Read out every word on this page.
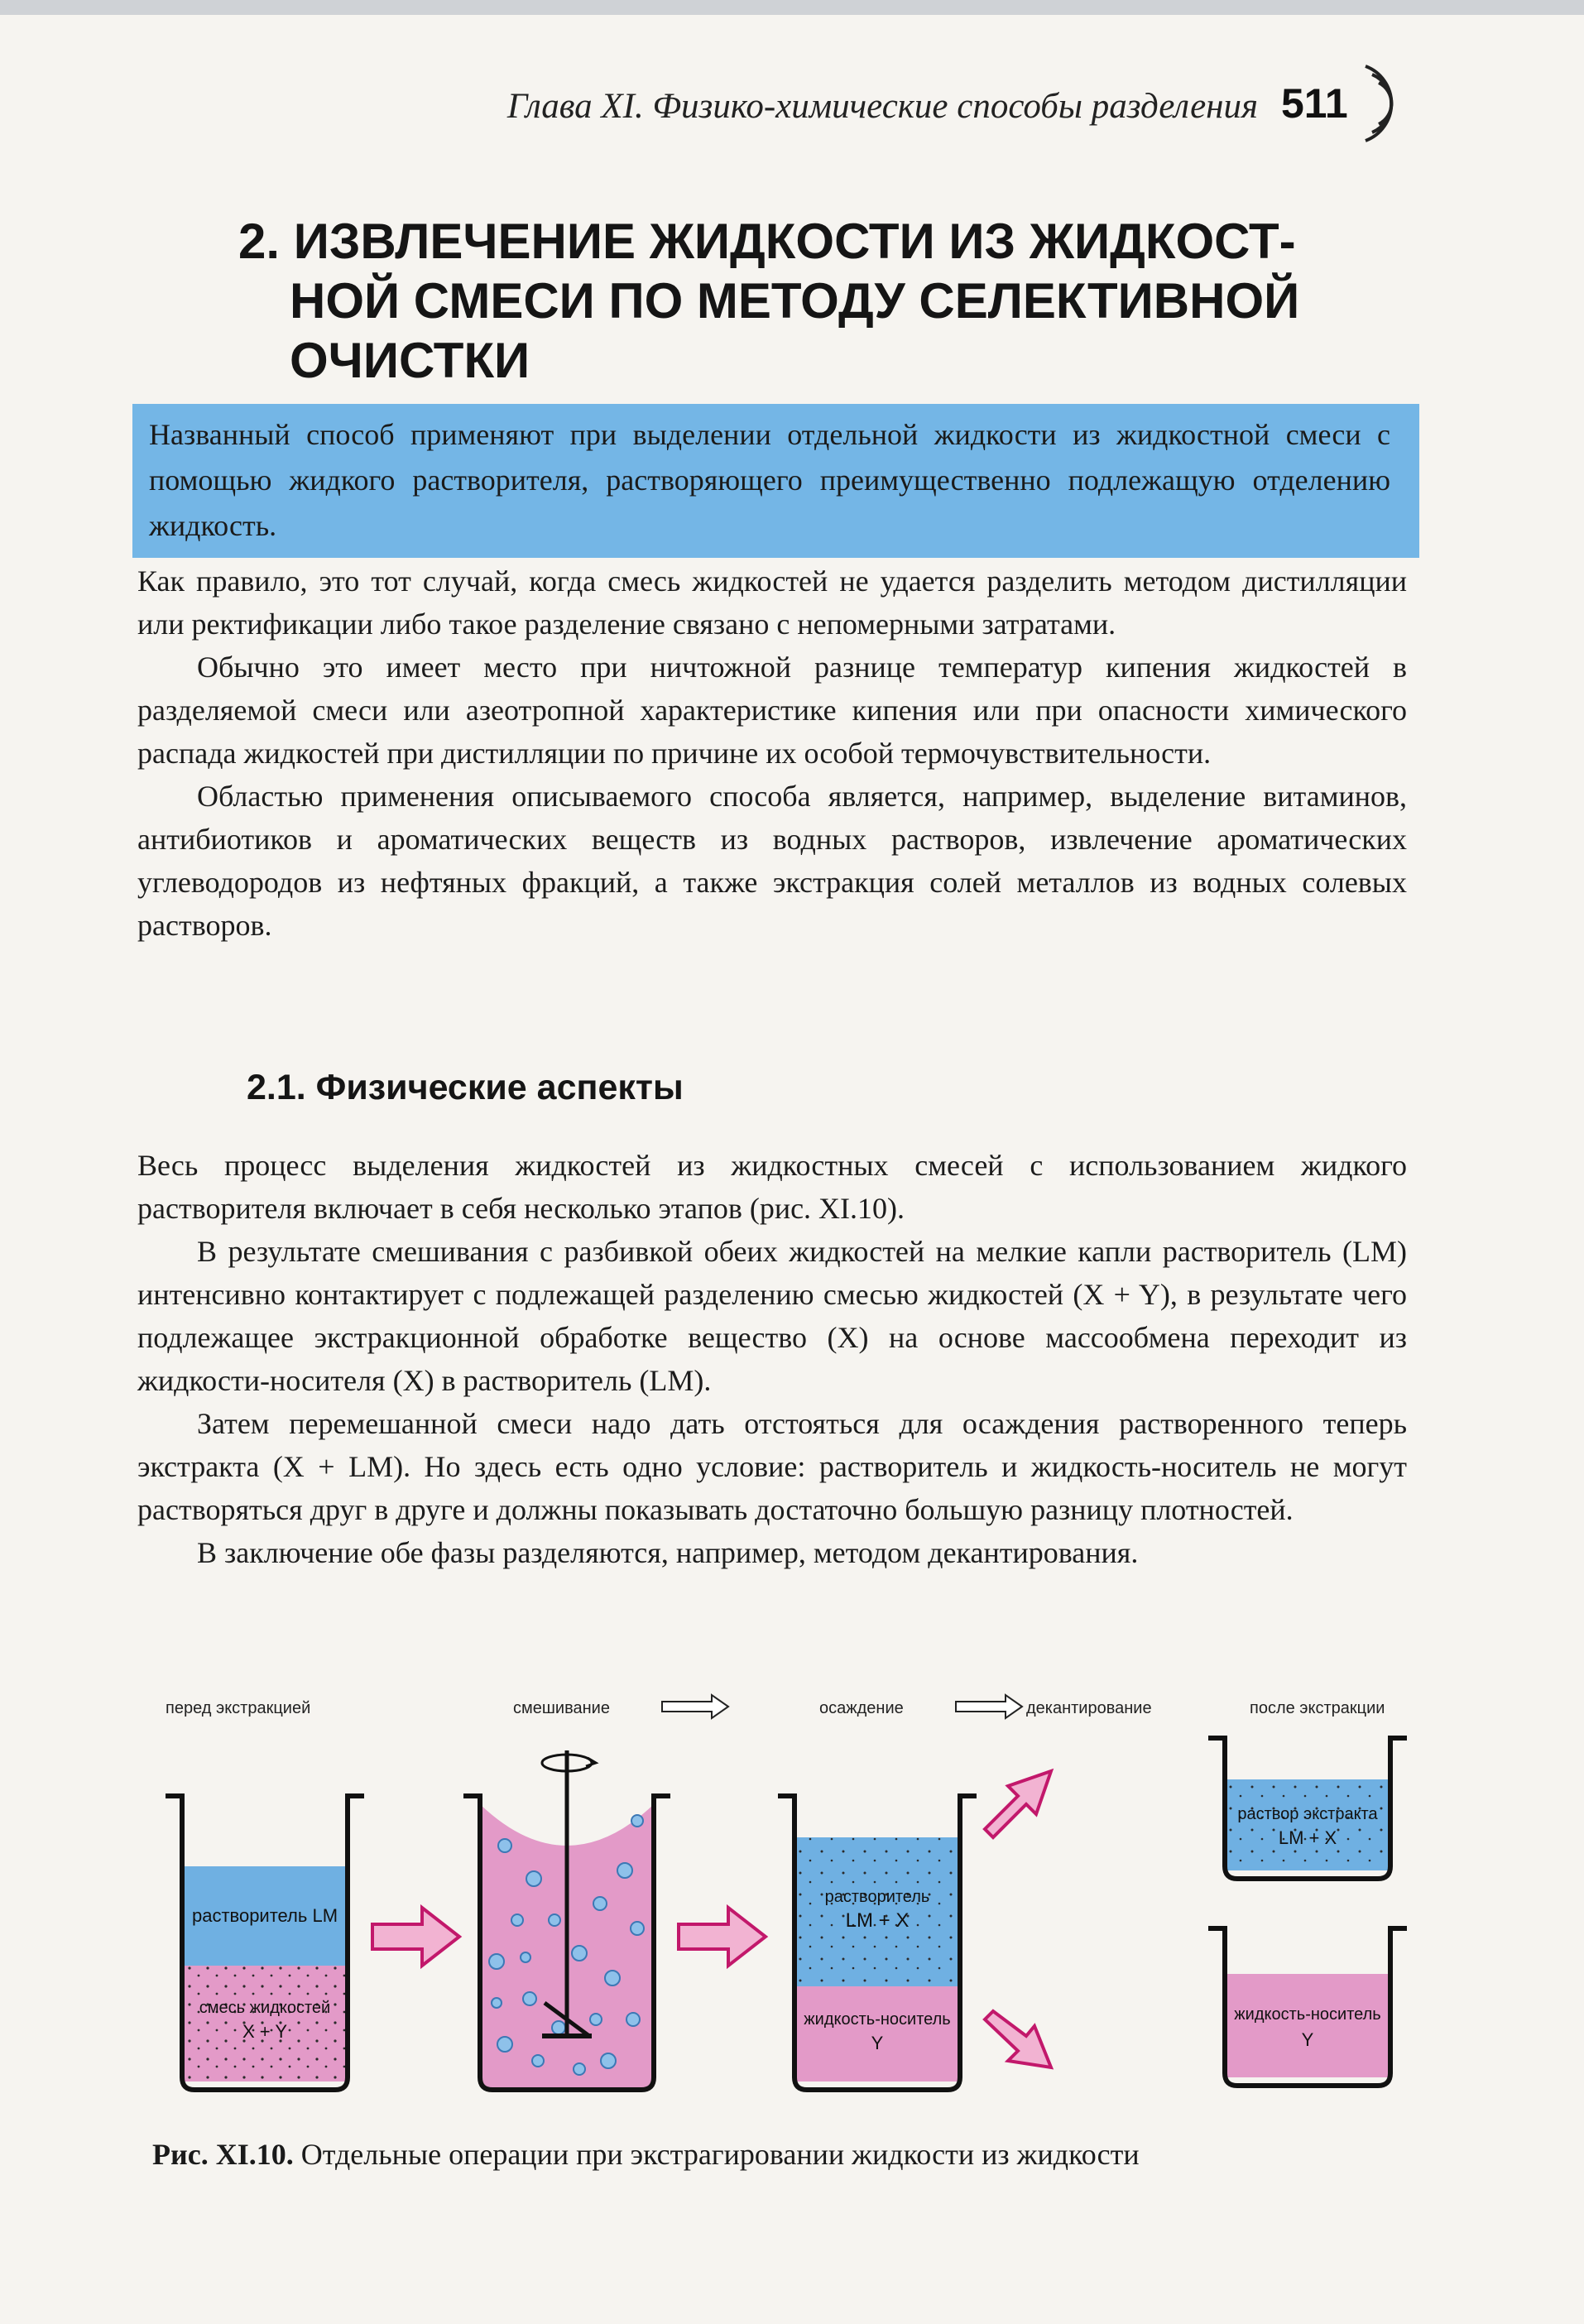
Глава XI. Физико-химические способы разделения 511
2. ИЗВЛЕЧЕНИЕ ЖИДКОСТИ ИЗ ЖИДКОСТ-НОЙ СМЕСИ ПО МЕТОДУ СЕЛЕКТИВНОЙ ОЧИСТКИ
Названный способ применяют при выделении отдельной жидкости из жидкостной смеси с помощью жидкого растворителя, растворяющего преимущественно подлежащую отделению жидкость.

Как правило, это тот случай, когда смесь жидкостей не удается разделить методом дистилляции или ректификации либо такое разделение связано с непомерными затратами.

Обычно это имеет место при ничтожной разнице температур кипения жидкостей в разделяемой смеси или азеотропной характеристике кипения или при опасности химического распада жидкостей при дистилляции по причине их особой термочувствительности.

Областью применения описываемого способа является, например, выделение витаминов, антибиотиков и ароматических веществ из водных растворов, извлечение ароматических углеводородов из нефтяных фракций, а также экстракция солей металлов из водных солевых растворов.

2.1. Физические аспекты

Весь процесс выделения жидкостей из жидкостных смесей с использованием жидкого растворителя включает в себя несколько этапов (рис. XI.10).

В результате смешивания с разбивкой обеих жидкостей на мелкие капли растворитель (LM) интенсивно контактирует с подлежащей разделению смесью жидкостей (X + Y), в результате чего подлежащее экстракционной обработке вещество (X) на основе массообмена переходит из жидкости-носителя (X) в растворитель (LM).

Затем перемешанной смеси надо дать отстояться для осаждения растворенного теперь экстракта (X + LM). Но здесь есть одно условие: растворитель и жидкость-носитель не могут растворяться друг в друге и должны показывать достаточно большую разницу плотностей.

В заключение обе фазы разделяются, например, методом декантирования.

перед экстракцией	смешивание	осаждение	декантирование	после экстракции
растворитель LM
смесь жидкостей
X + Y
растворитель
LM + X
жидкость-носитель
Y
раствор экстракта
LM + X
жидкость-носитель
Y
Рис. XI.10. Отдельные операции при экстрагировании жидкости из жидкости
